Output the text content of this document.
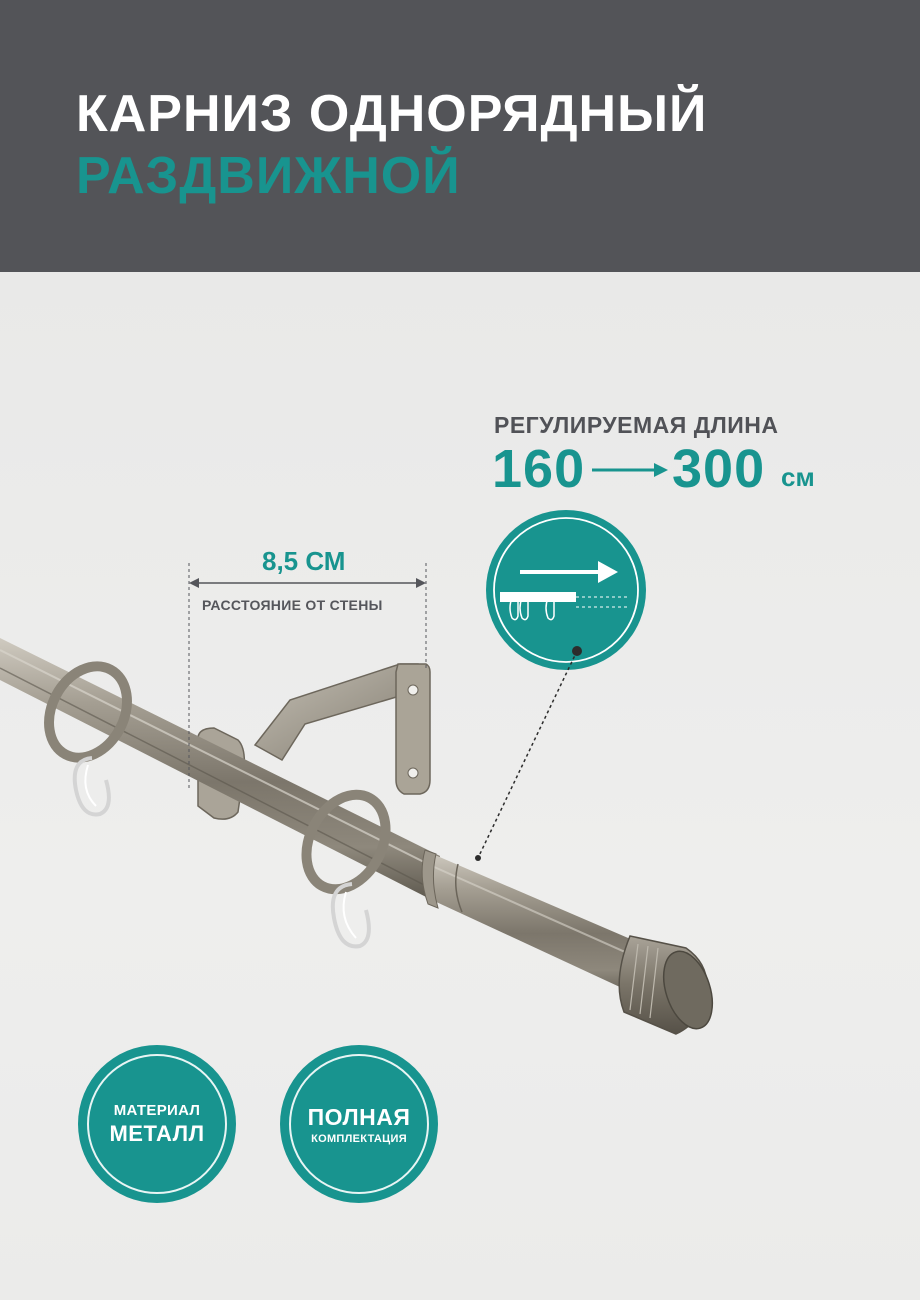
КАРНИЗ ОДНОРЯДНЫЙ
РАЗДВИЖНОЙ
РЕГУЛИРУЕМАЯ ДЛИНА
160 300 см
8,5 СМ
РАССТОЯНИЕ ОТ СТЕНЫ
МАТЕРИАЛ
МЕТАЛЛ
ПОЛНАЯ
КОМПЛЕКТАЦИЯ
